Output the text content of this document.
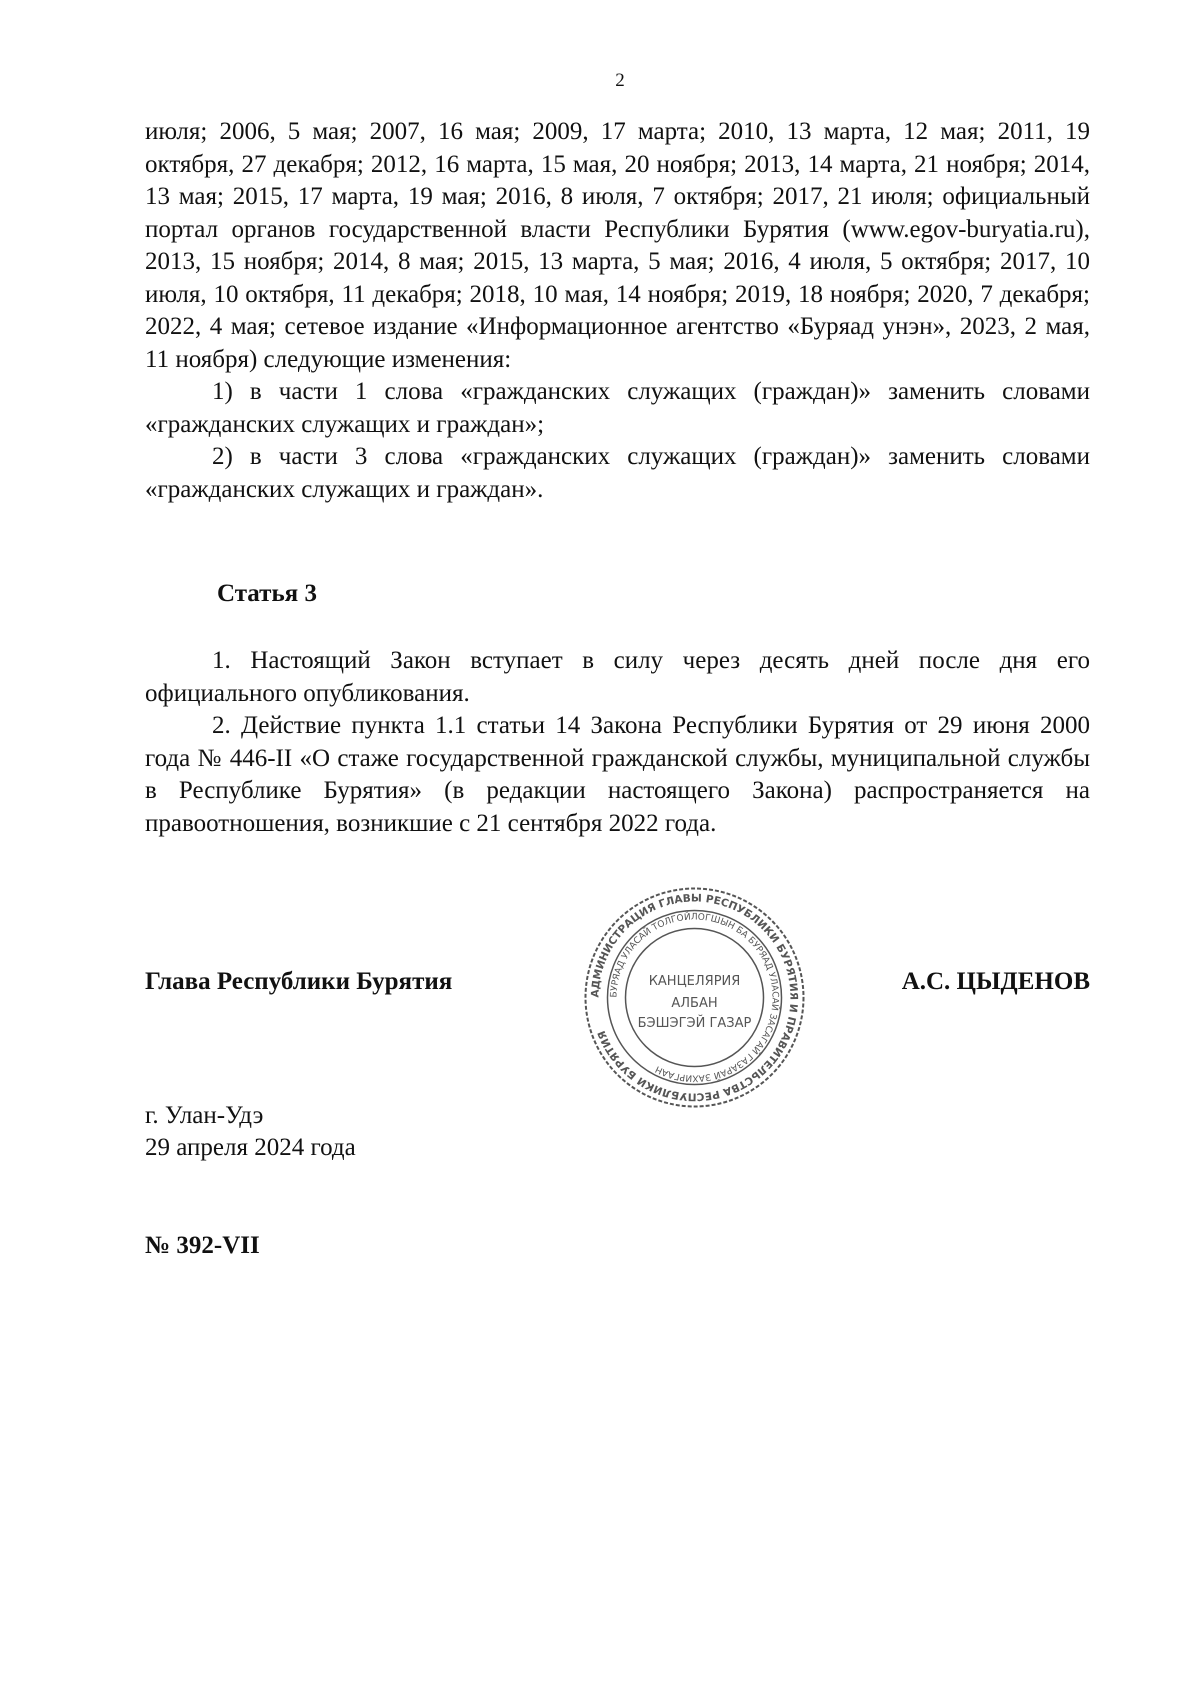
2

июля; 2006, 5 мая; 2007, 16 мая; 2009, 17 марта; 2010, 13 марта, 12 мая; 2011, 19 октября, 27 декабря; 2012, 16 марта, 15 мая, 20 ноября; 2013, 14 марта, 21 ноября; 2014, 13 мая; 2015, 17 марта, 19 мая; 2016, 8 июля, 7 октября; 2017, 21 июля; официальный портал органов государственной власти Республики Бурятия (www.egov-buryatia.ru), 2013, 15 ноября; 2014, 8 мая; 2015, 13 марта, 5 мая; 2016, 4 июля, 5 октября; 2017, 10 июля, 10 октября, 11 декабря; 2018, 10 мая, 14 ноября; 2019, 18 ноября; 2020, 7 декабря; 2022, 4 мая; сетевое издание «Информационное агентство «Буряад унэн», 2023, 2 мая, 11 ноября) следующие изменения:

1) в части 1 слова «гражданских служащих (граждан)» заменить словами «гражданских служащих и граждан»;

2) в части 3 слова «гражданских служащих (граждан)» заменить словами «гражданских служащих и граждан».

Статья 3

1. Настоящий Закон вступает в силу через десять дней после дня его официального опубликования.

2. Действие пункта 1.1 статьи 14 Закона Республики Бурятия от 29 июня 2000 года № 446-II «О стаже государственной гражданской службы, муниципальной службы в Республике Бурятия» (в редакции настоящего Закона) распространяется на правоотношения, возникшие с 21 сентября 2022 года.

Глава Республики Бурятия	АДМИНИСТРАЦИЯ ГЛАВЫ РЕСПУБЛИКИ БУРЯТИЯ И ПРАВИТЕЛЬСТВА РЕСПУБЛИКИ БУРЯТИЯ
БУРЯАД УЛАСАЙ ТОЛГОЙЛОГШЫН БА БУРЯАД УЛАСАЙ ЗАСАГАЙ ГАЗАРАЙ ЗАХИРГААН
КАНЦЕЛЯРИЯ
АЛБАН
БЭШЭГЭЙ ГАЗАР
А.С. ЦЫДЕНОВ
г. Улан-Удэ
29 апреля 2024 года
№ 392-VII
